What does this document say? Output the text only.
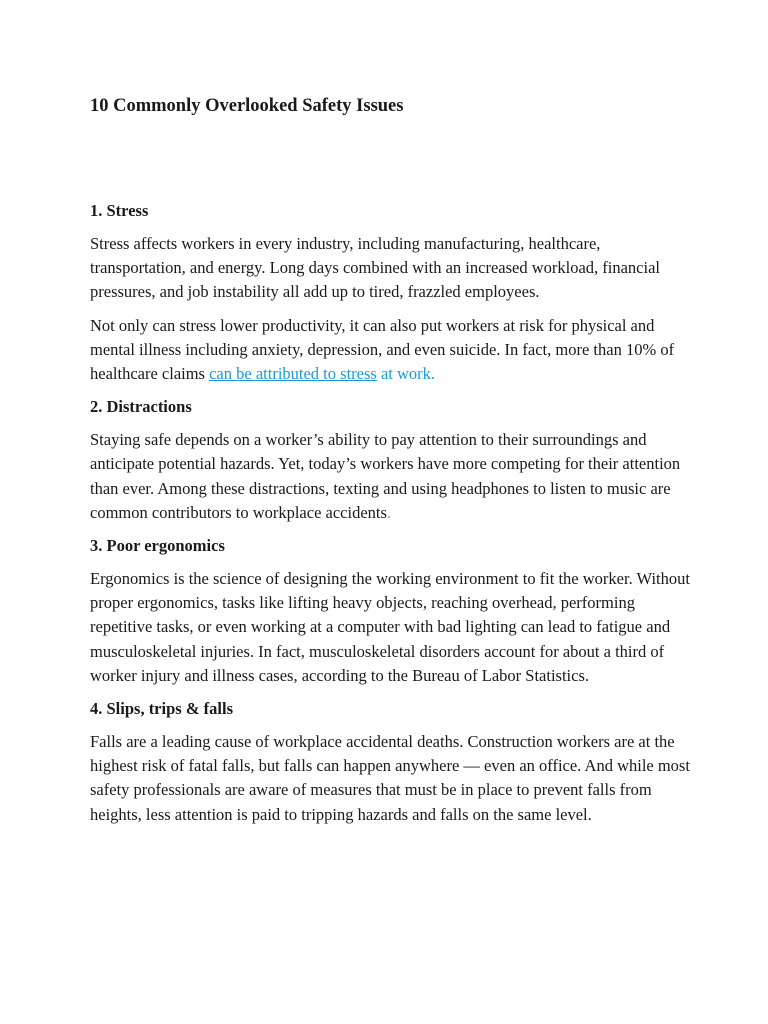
10 Commonly Overlooked Safety Issues
1. Stress

Stress affects workers in every industry, including manufacturing, healthcare, transportation, and energy. Long days combined with an increased workload, financial pressures, and job instability all add up to tired, frazzled employees.

Not only can stress lower productivity, it can also put workers at risk for physical and mental illness including anxiety, depression, and even suicide. In fact, more than 10% of healthcare claims can be attributed to stress at work.

2. Distractions

Staying safe depends on a worker’s ability to pay attention to their surroundings and anticipate potential hazards. Yet, today’s workers have more competing for their attention than ever. Among these distractions, texting and using headphones to listen to music are common contributors to workplace accidents.

3. Poor ergonomics

Ergonomics is the science of designing the working environment to fit the worker. Without proper ergonomics, tasks like lifting heavy objects, reaching overhead, performing repetitive tasks, or even working at a computer with bad lighting can lead to fatigue and musculoskeletal injuries. In fact, musculoskeletal disorders account for about a third of worker injury and illness cases, according to the Bureau of Labor Statistics.

4. Slips, trips & falls

Falls are a leading cause of workplace accidental deaths. Construction workers are at the highest risk of fatal falls, but falls can happen anywhere — even an office. And while most safety professionals are aware of measures that must be in place to prevent falls from heights, less attention is paid to tripping hazards and falls on the same level.
